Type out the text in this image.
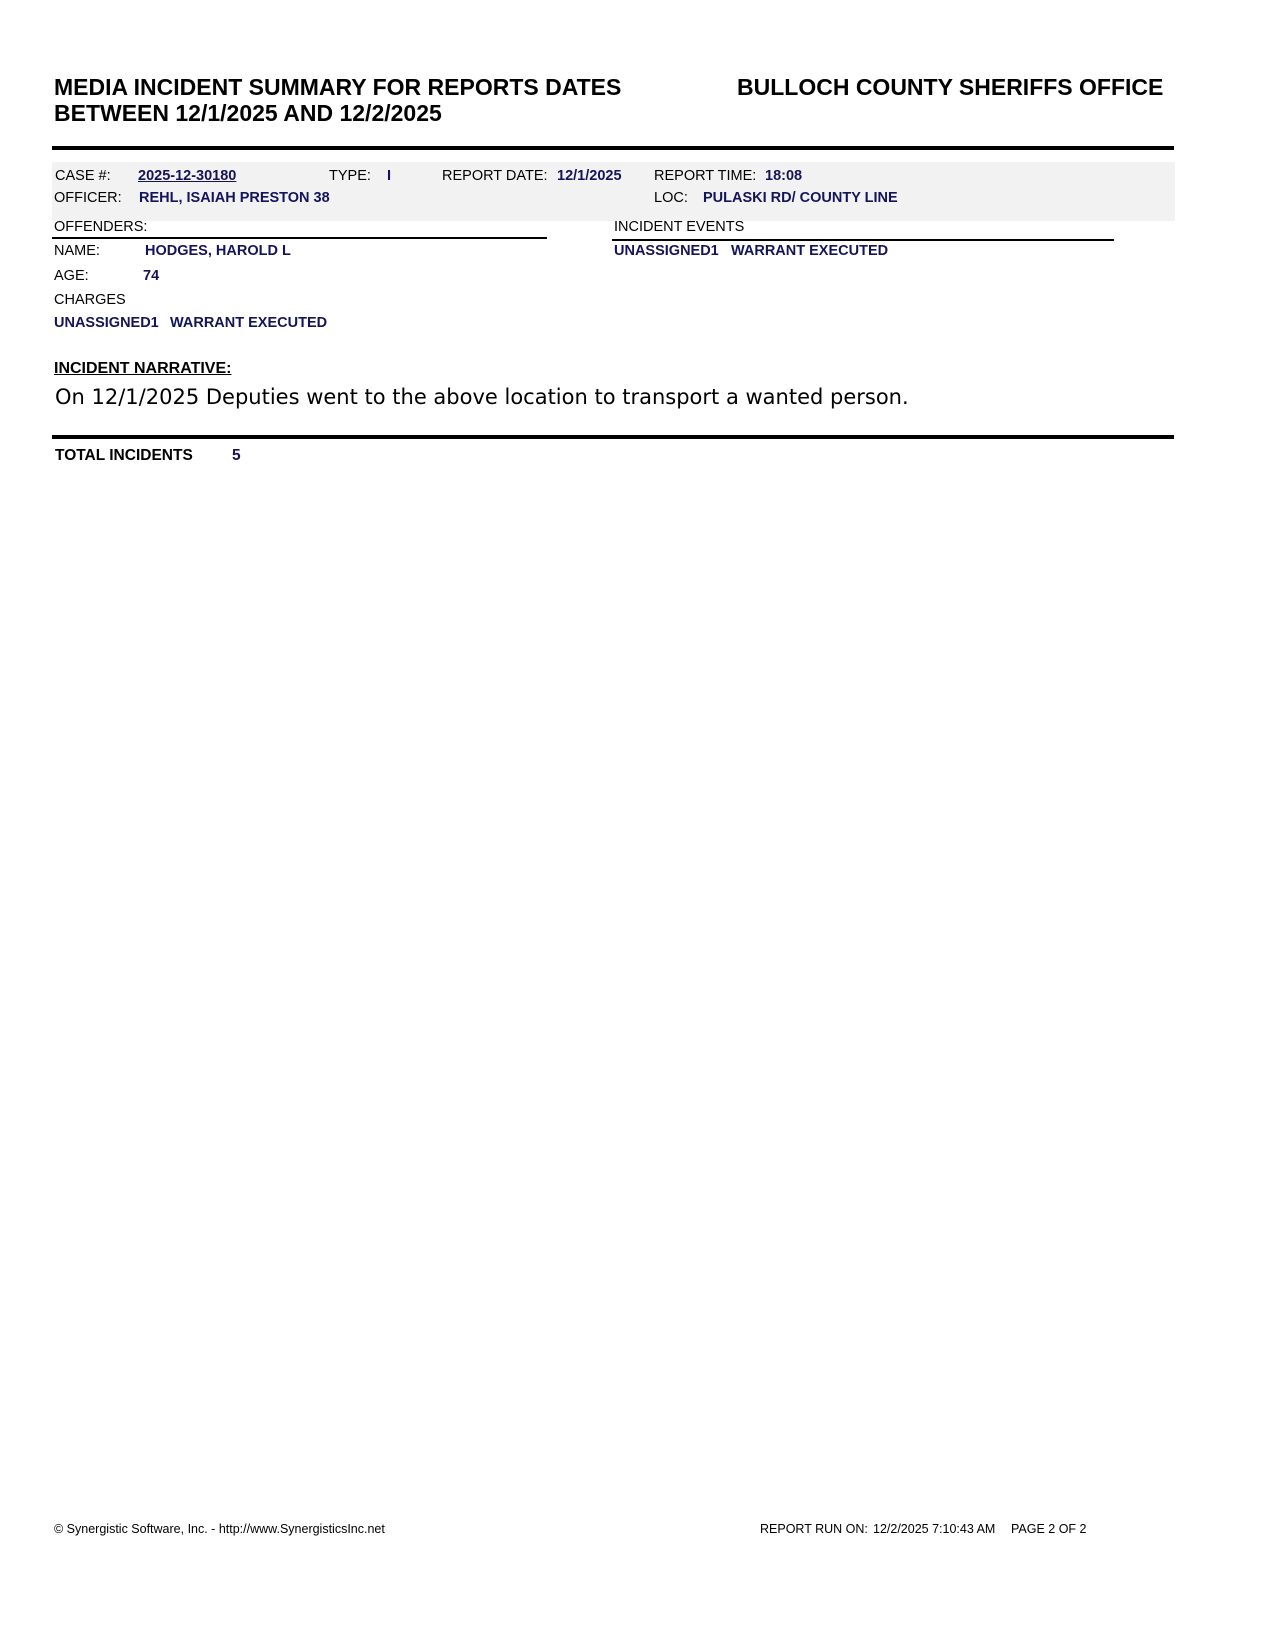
MEDIA INCIDENT SUMMARY FOR REPORTS DATES
BETWEEN 12/1/2025 AND 12/2/2025
BULLOCH COUNTY SHERIFFS OFFICE
CASE #: 2025-12-30180	TYPE: I	REPORT DATE: 12/1/2025 REPORT TIME: 18:08
OFFICER: REHL, ISAIAH PRESTON 38	LOC: PULASKI RD/ COUNTY LINE
OFFENDERS:
NAME:	HODGES, HAROLD L
AGE:	74
CHARGES
UNASSIGNED1 WARRANT EXECUTED
INCIDENT EVENTS
UNASSIGNED1 WARRANT EXECUTED
INCIDENT NARRATIVE:
On 12/1/2025 Deputies went to the above location to transport a wanted person.
TOTAL INCIDENTS	5
© Synergistic Software, Inc. - http://www.SynergisticsInc.net	REPORT RUN ON: 12/2/2025 7:10:43 AM PAGE 2 OF 2
